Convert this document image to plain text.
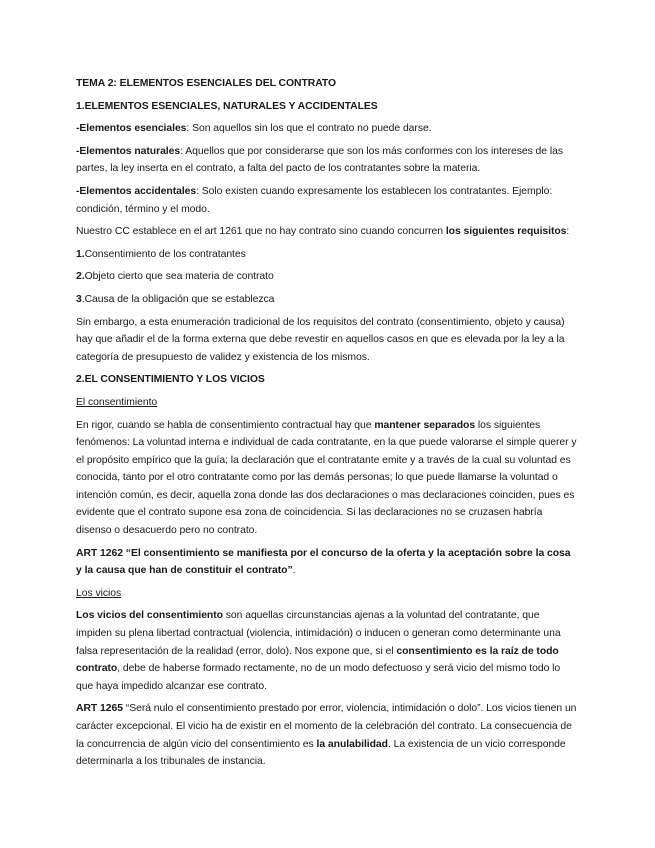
TEMA 2: ELEMENTOS ESENCIALES DEL CONTRATO

1.ELEMENTOS ESENCIALES, NATURALES Y ACCIDENTALES

-Elementos esenciales: Son aquellos sin los que el contrato no puede darse.

-Elementos naturales: Aquellos que por considerarse que son los más conformes con los intereses de las partes, la ley inserta en el contrato, a falta del pacto de los contratantes sobre la materia.

-Elementos accidentales: Solo existen cuando expresamente los establecen los contratantes. Ejemplo: condición, término y el modo.

Nuestro CC establece en el art 1261 que no hay contrato sino cuando concurren los siguientes requisitos:

1.Consentimiento de los contratantes

2.Objeto cierto que sea materia de contrato

3.Causa de la obligación que se establezca

Sin embargo, a esta enumeración tradicional de los requisitos del contrato (consentimiento, objeto y causa) hay que añadir el de la forma externa que debe revestir en aquellos casos en que es elevada por la ley a la categoría de presupuesto de validez y existencia de los mismos.

2.EL CONSENTIMIENTO Y LOS VICIOS

El consentimiento

En rigor, cuando se habla de consentimiento contractual hay que mantener separados los siguientes fenómenos: La voluntad interna e individual de cada contratante, en la que puede valorarse el simple querer y el propósito empírico que la guía; la declaración que el contratante emite y a través de la cual su voluntad es conocida, tanto por el otro contratante como por las demás personas; lo que puede llamarse la voluntad o intención común, es decir, aquella zona donde las dos declaraciones o mas declaraciones coinciden, pues es evidente que el contrato supone esa zona de coincidencia. Si las declaraciones no se cruzasen habría disenso o desacuerdo pero no contrato.

ART 1262 “El consentimiento se manifiesta por el concurso de la oferta y la aceptación sobre la cosa y la causa que han de constituir el contrato”.

Los vicios

Los vicios del consentimiento son aquellas circunstancias ajenas a la voluntad del contratante, que impiden su plena libertad contractual (violencia, intimidación) o inducen o generan como determinante una falsa representación de la realidad (error, dolo). Nos expone que, si el consentimiento es la raíz de todo contrato, debe de haberse formado rectamente, no de un modo defectuoso y será vicio del mismo todo lo que haya impedido alcanzar ese contrato.

ART 1265 “Será nulo el consentimiento prestado por error, violencia, intimidación o dolo”. Los vicios tienen un carácter excepcional. El vicio ha de existir en el momento de la celebración del contrato. La consecuencia de la concurrencia de algún vicio del consentimiento es la anulabilidad. La existencia de un vicio corresponde determinarla a los tribunales de instancia.
